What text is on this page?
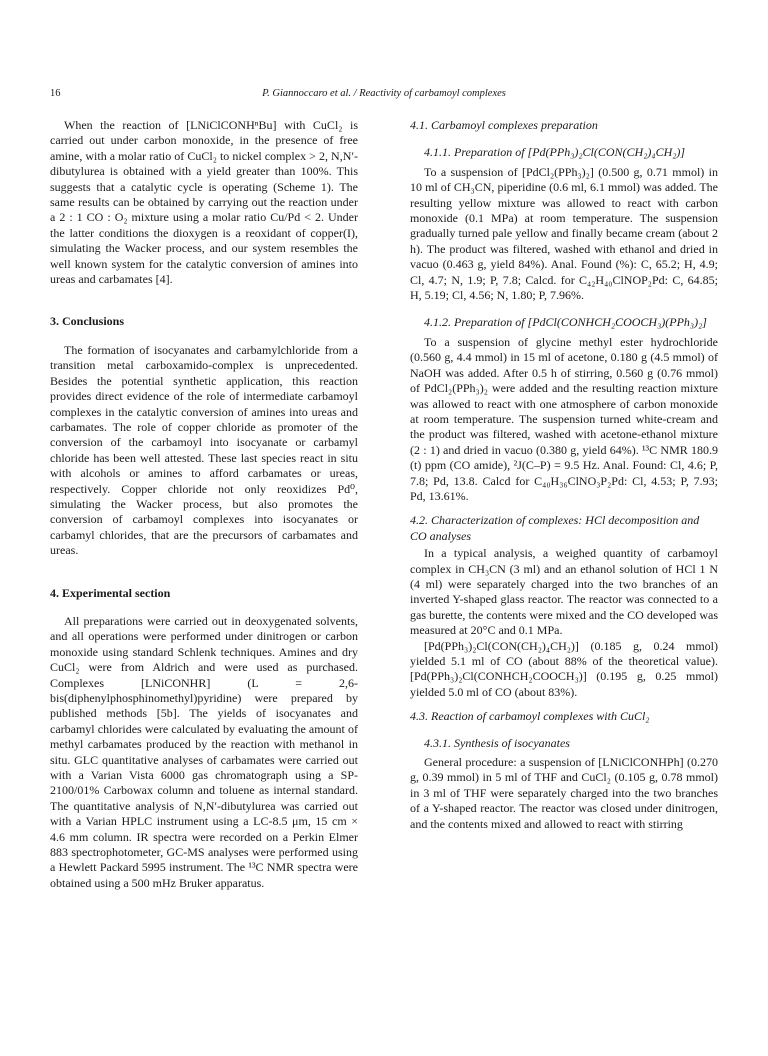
16	P. Giannoccaro et al. / Reactivity of carbamoyl complexes

When the reaction of [LNiClCONHⁿBu] with CuCl₂ is carried out under carbon monoxide, in the presence of free amine, with a molar ratio of CuCl₂ to nickel complex > 2, N,N′-dibutylurea is obtained with a yield greater than 100%. This suggests that a catalytic cycle is operating (Scheme 1). The same results can be obtained by carrying out the reaction under a 2 : 1 CO : O₂ mixture using a molar ratio Cu/Pd < 2. Under the latter conditions the dioxygen is a reoxidant of copper(I), simulating the Wacker process, and our system resembles the well known system for the catalytic conversion of amines into ureas and carbamates [4].

3. Conclusions

The formation of isocyanates and carbamylchloride from a transition metal carboxamido-complex is unprecedented. Besides the potential synthetic application, this reaction provides direct evidence of the role of intermediate carbamoyl complexes in the catalytic conversion of amines into ureas and carbamates. The role of copper chloride as promoter of the conversion of the carbamoyl into isocyanate or carbamyl chloride has been well attested. These last species react in situ with alcohols or amines to afford carbamates or ureas, respectively. Copper chloride not only reoxidizes Pd⁰, simulating the Wacker process, but also promotes the conversion of carbamoyl complexes into isocyanates or carbamyl chlorides, that are the precursors of carbamates and ureas.

4. Experimental section

All preparations were carried out in deoxygenated solvents, and all operations were performed under dinitrogen or carbon monoxide using standard Schlenk techniques. Amines and dry CuCl₂ were from Aldrich and were used as purchased. Complexes [LNiCONHR] (L = 2,6-bis(diphenylphosphinomethyl)pyridine) were prepared by published methods [5b]. The yields of isocyanates and carbamyl chlorides were calculated by evaluating the amount of methyl carbamates produced by the reaction with methanol in situ. GLC quantitative analyses of carbamates were carried out with a Varian Vista 6000 gas chromatograph using a SP-2100/01% Carbowax column and toluene as internal standard. The quantitative analysis of N,N′-dibutylurea was carried out with a Varian HPLC instrument using a LC-8.5 μm, 15 cm × 4.6 mm column. IR spectra were recorded on a Perkin Elmer 883 spectrophotometer, GC-MS analyses were performed using a Hewlett Packard 5995 instrument. The ¹³C NMR spectra were obtained using a 500 mHz Bruker apparatus.

4.1. Carbamoyl complexes preparation
4.1.1. Preparation of [Pd(PPh₃)₂Cl(CON(CH₂)₄CH₂)]

To a suspension of [PdCl₂(PPh₃)₂] (0.500 g, 0.71 mmol) in 10 ml of CH₃CN, piperidine (0.6 ml, 6.1 mmol) was added. The resulting yellow mixture was allowed to react with carbon monoxide (0.1 MPa) at room temperature. The suspension gradually turned pale yellow and finally became cream (about 2 h). The product was filtered, washed with ethanol and dried in vacuo (0.463 g, yield 84%). Anal. Found (%): C, 65.2; H, 4.9; Cl, 4.7; N, 1.9; P, 7.8; Calcd. for C₄₂H₄₀ClNOP₂Pd: C, 64.85; H, 5.19; Cl, 4.56; N, 1.80; P, 7.96%.

4.1.2. Preparation of [PdCl(CONHCH₂COOCH₃)(PPh₃)₂]

To a suspension of glycine methyl ester hydrochloride (0.560 g, 4.4 mmol) in 15 ml of acetone, 0.180 g (4.5 mmol) of NaOH was added. After 0.5 h of stirring, 0.560 g (0.76 mmol) of PdCl₂(PPh₃)₂ were added and the resulting reaction mixture was allowed to react with one atmosphere of carbon monoxide at room temperature. The suspension turned white-cream and the product was filtered, washed with acetone-ethanol mixture (2 : 1) and dried in vacuo (0.380 g, yield 64%). ¹³C NMR 180.9 (t) ppm (CO amide), ²J(C–P) = 9.5 Hz. Anal. Found: Cl, 4.6; P, 7.8; Pd, 13.8. Calcd for C₄₀H₃₆ClNO₃P₂Pd: Cl, 4.53; P, 7.93; Pd, 13.61%.

4.2. Characterization of complexes: HCl decomposition and CO analyses

In a typical analysis, a weighed quantity of carbamoyl complex in CH₃CN (3 ml) and an ethanol solution of HCl 1 N (4 ml) were separately charged into the two branches of an inverted Y-shaped glass reactor. The reactor was connected to a gas burette, the contents were mixed and the CO developed was measured at 20°C and 0.1 MPa.

[Pd(PPh₃)₂Cl(CON(CH₂)₄CH₂)] (0.185 g, 0.24 mmol) yielded 5.1 ml of CO (about 88% of the theoretical value). [Pd(PPh₃)₂Cl(CONHCH₂COOCH₃)] (0.195 g, 0.25 mmol) yielded 5.0 ml of CO (about 83%).

4.3. Reaction of carbamoyl complexes with CuCl₂
4.3.1. Synthesis of isocyanates

General procedure: a suspension of [LNiClCONHPh] (0.270 g, 0.39 mmol) in 5 ml of THF and CuCl₂ (0.105 g, 0.78 mmol) in 3 ml of THF were separately charged into the two branches of a Y-shaped reactor. The reactor was closed under dinitrogen, and the contents mixed and allowed to react with stirring
